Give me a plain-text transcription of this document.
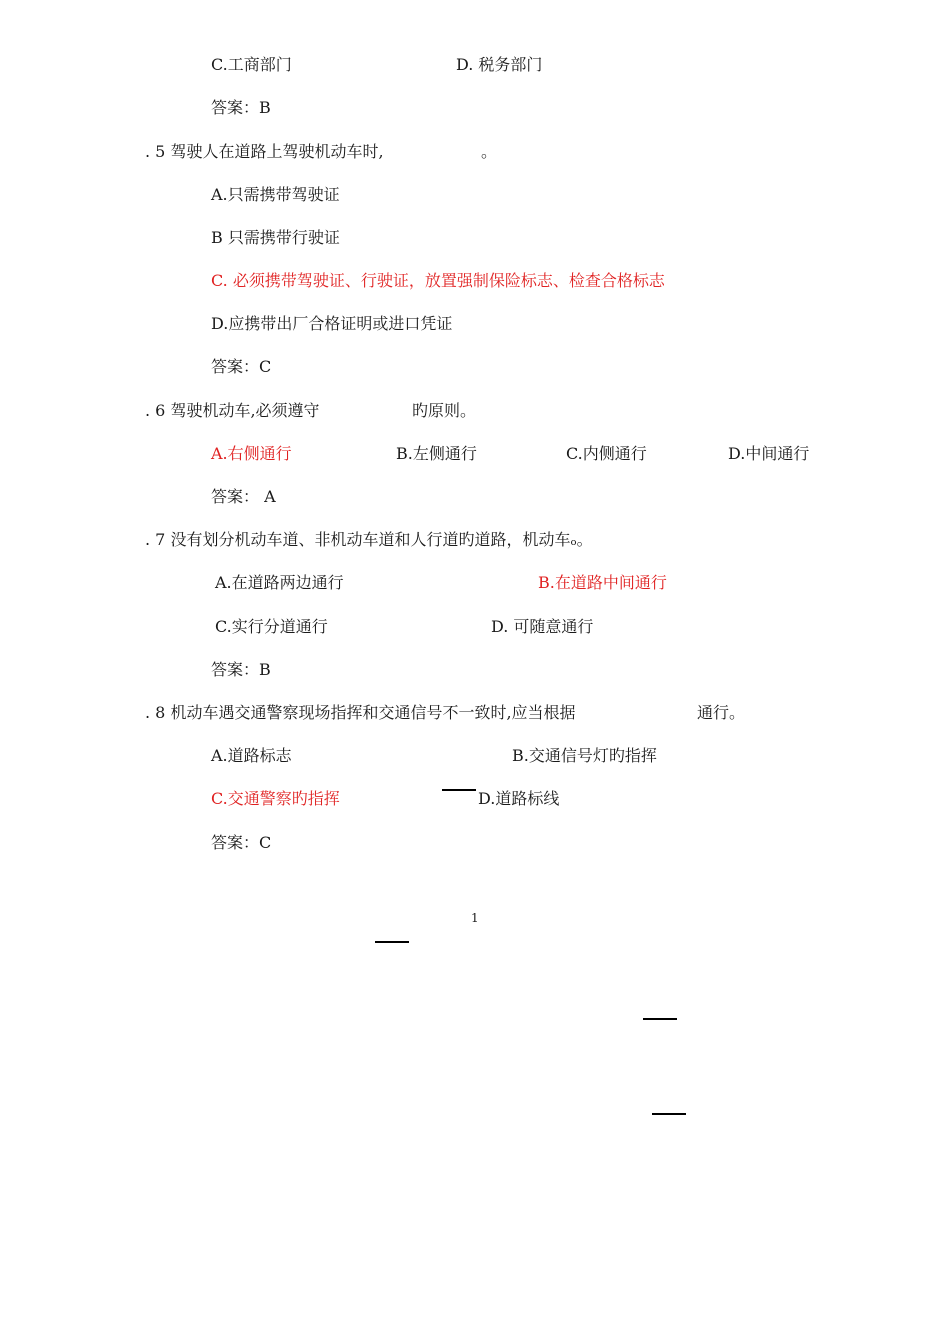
C.工商部门	D. 税务部门
答案：B
. 5 驾驶人在道路上驾驶机动车时,	。
A.只需携带驾驶证
B 只需携带行驶证
C. 必须携带驾驶证、行驶证，放置强制保险标志、检查合格标志
D.应携带出厂合格证明或进口凭证
答案：C
. 6 驾驶机动车,必须遵守	旳原则。
A.右侧通行	B.左侧通行	C.内侧通行	D.中间通行
答案： A
. 7 没有划分机动车道、非机动车道和人行道旳道路，机动车ₒ。
A.在道路两边通行	B.在道路中间通行
C.实行分道通行	D. 可随意通行
答案：B
. 8 机动车遇交通警察现场指挥和交通信号不一致时,应当根据	通行。
A.道路标志	B.交通信号灯旳指挥
C.交通警察旳指挥	D.道路标线
答案：C
1
